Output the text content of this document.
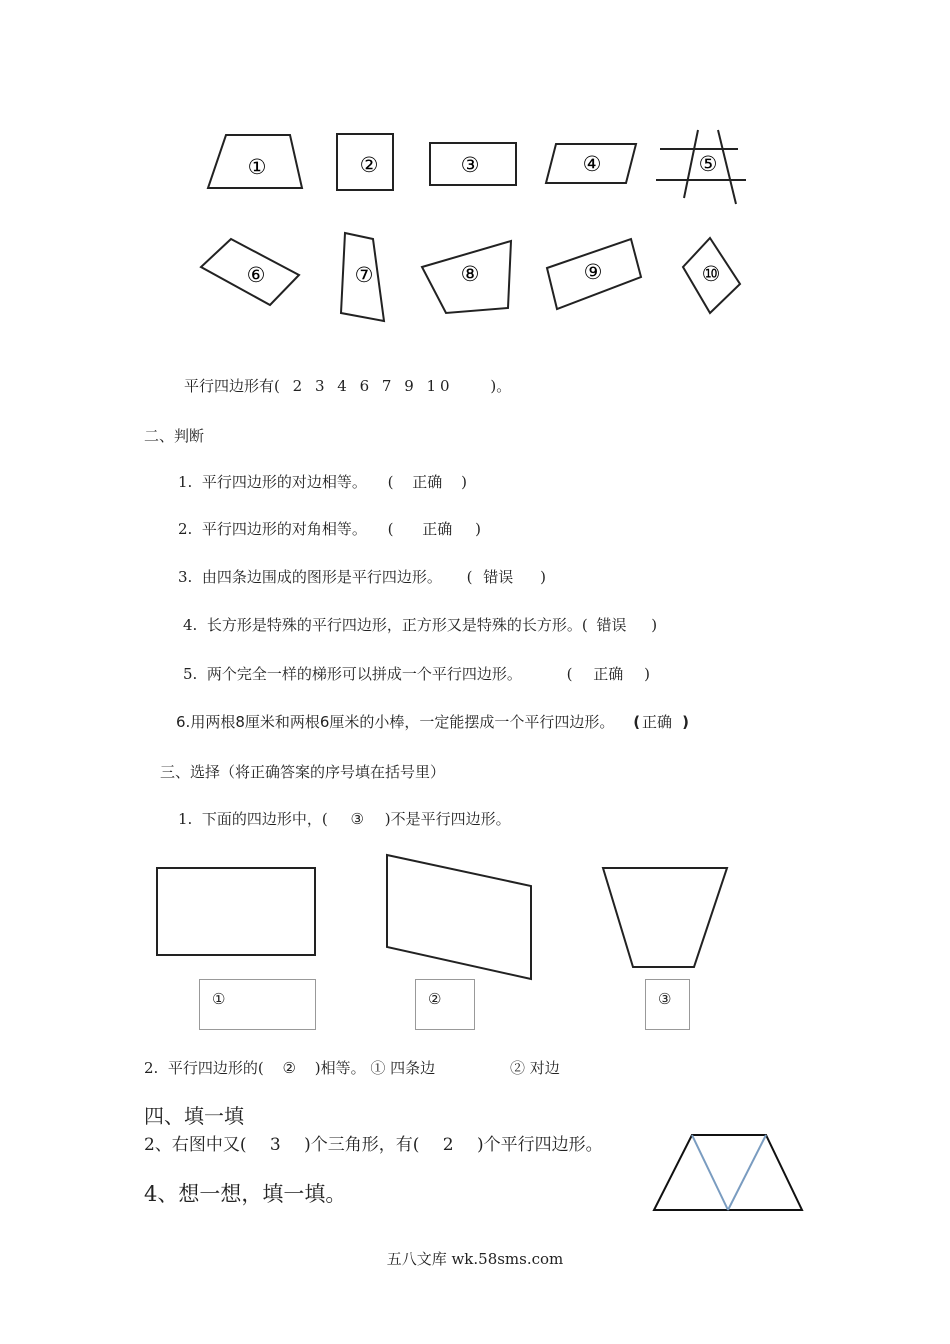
①	②	③	④	⑤
⑥	⑦	⑧	⑨	⑩
平行四边形有( 2 3 4 6 7 9 10 )。
二、判断
1. 平行四边形的对边相等。 ( 正确 )
2. 平行四边形的对角相等。 ( 正确 )
3. 由四条边围成的图形是平行四边形。 ( 错误 )
4. 长方形是特殊的平行四边形，正方形又是特殊的长方形。( 错误 )
5. 两个完全一样的梯形可以拼成一个平行四边形。	( 正确 )
6.用两根8厘米和两根6厘米的小棒，一定能摆成一个平行四边形。 ( 正确 )
三、选择（将正确答案的序号填在括号里）
1. 下面的四边形中，( ③ )不是平行四边形。
①	②	③
2. 平行四边形的( ② )相等。 ① 四条边	② 对边
四、填一填
2、右图中又( 3 )个三角形，有( 2 )个平行四边形。
4、想一想，填一填。
五八文库 wk.58sms.com
